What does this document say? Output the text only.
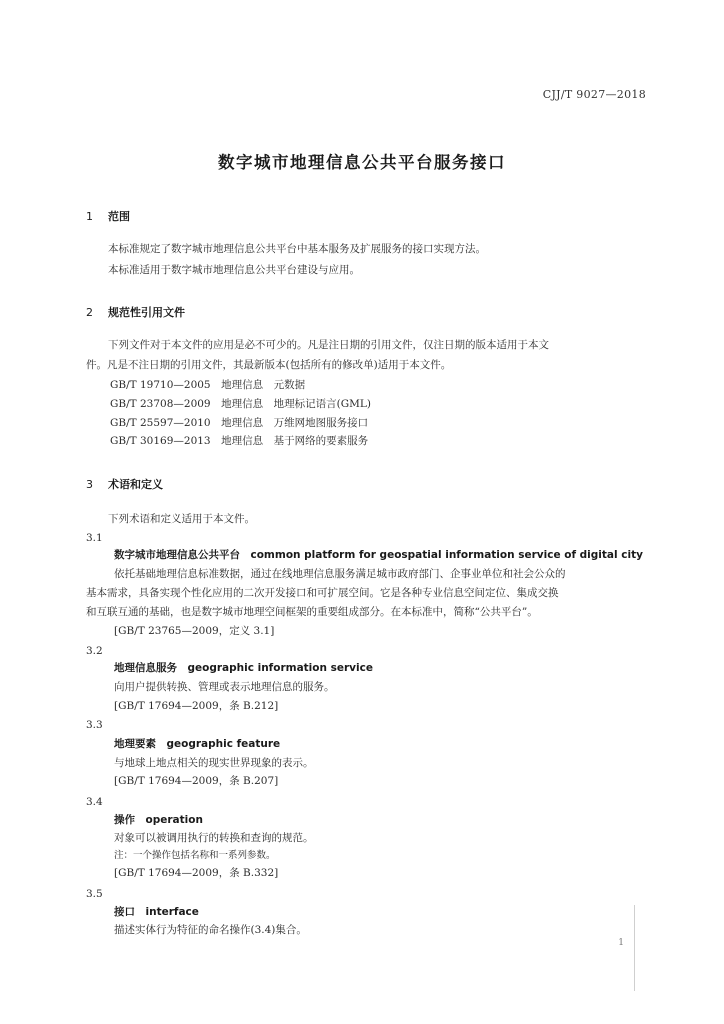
CJJ/T 9027—2018
数字城市地理信息公共平台服务接口
1 范围
本标准规定了数字城市地理信息公共平台中基本服务及扩展服务的接口实现方法。
本标准适用于数字城市地理信息公共平台建设与应用。
2 规范性引用文件
下列文件对于本文件的应用是必不可少的。凡是注日期的引用文件，仅注日期的版本适用于本文
件。凡是不注日期的引用文件，其最新版本(包括所有的修改单)适用于本文件。
GB/T 19710—2005　地理信息　元数据
GB/T 23708—2009　地理信息　地理标记语言(GML)
GB/T 25597—2010　地理信息　万维网地图服务接口
GB/T 30169—2013　地理信息　基于网络的要素服务
3 术语和定义
下列术语和定义适用于本文件。
3.1
数字城市地理信息公共平台　common platform for geospatial information service of digital city
依托基础地理信息标准数据，通过在线地理信息服务满足城市政府部门、企事业单位和社会公众的
基本需求，具备实现个性化应用的二次开发接口和可扩展空间。它是各种专业信息空间定位、集成交换
和互联互通的基础，也是数字城市地理空间框架的重要组成部分。在本标准中，简称“公共平台”。
[GB/T 23765—2009，定义 3.1]
3.2
地理信息服务　geographic information service
向用户提供转换、管理或表示地理信息的服务。
[GB/T 17694—2009，条 B.212]
3.3
地理要素　geographic feature
与地球上地点相关的现实世界现象的表示。
[GB/T 17694—2009，条 B.207]
3.4
操作　operation
对象可以被调用执行的转换和查询的规范。
注：一个操作包括名称和一系列参数。
[GB/T 17694—2009，条 B.332]
3.5
接口　interface
描述实体行为特征的命名操作(3.4)集合。
1
